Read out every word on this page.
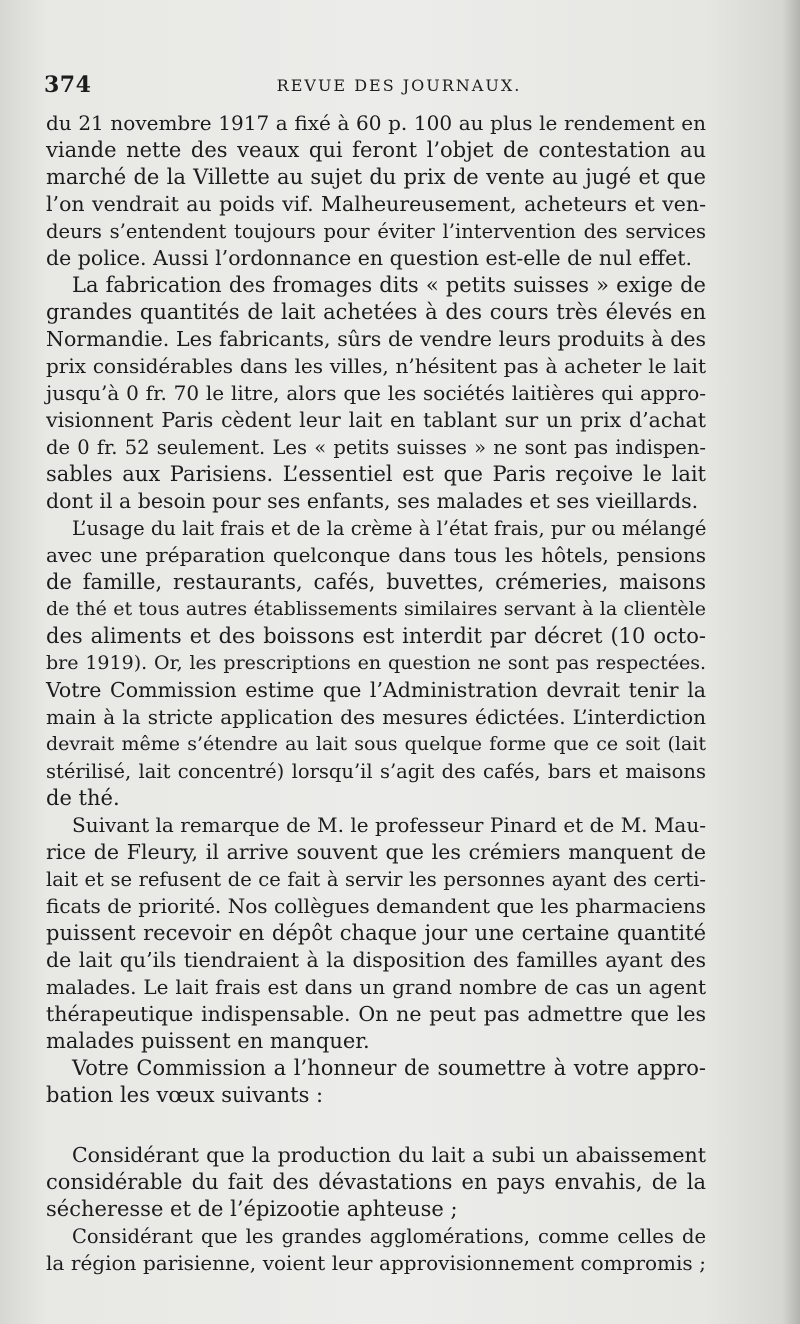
374	REVUE DES JOURNAUX.
du 21 novembre 1917 a fixé à 60 p. 100 au plus le rendement en
viande nette des veaux qui feront l’objet de contestation au
marché de la Villette au sujet du prix de vente au jugé et que
l’on vendrait au poids vif. Malheureusement, acheteurs et ven-
deurs s’entendent toujours pour éviter l’intervention des services
de police. Aussi l’ordonnance en question est-elle de nul effet.
La fabrication des fromages dits « petits suisses » exige de
grandes quantités de lait achetées à des cours très élevés en
Normandie. Les fabricants, sûrs de vendre leurs produits à des
prix considérables dans les villes, n’hésitent pas à acheter le lait
jusqu’à 0 fr. 70 le litre, alors que les sociétés laitières qui appro-
visionnent Paris cèdent leur lait en tablant sur un prix d’achat
de 0 fr. 52 seulement. Les « petits suisses » ne sont pas indispen-
sables aux Parisiens. L’essentiel est que Paris reçoive le lait
dont il a besoin pour ses enfants, ses malades et ses vieillards.
L’usage du lait frais et de la crème à l’état frais, pur ou mélangé
avec une préparation quelconque dans tous les hôtels, pensions
de famille, restaurants, cafés, buvettes, crémeries, maisons
de thé et tous autres établissements similaires servant à la clientèle
des aliments et des boissons est interdit par décret (10 octo-
bre 1919). Or, les prescriptions en question ne sont pas respectées.
Votre Commission estime que l’Administration devrait tenir la
main à la stricte application des mesures édictées. L’interdiction
devrait même s’étendre au lait sous quelque forme que ce soit (lait
stérilisé, lait concentré) lorsqu’il s’agit des cafés, bars et maisons
de thé.
Suivant la remarque de M. le professeur Pinard et de M. Mau-
rice de Fleury, il arrive souvent que les crémiers manquent de
lait et se refusent de ce fait à servir les personnes ayant des certi-
ficats de priorité. Nos collègues demandent que les pharmaciens
puissent recevoir en dépôt chaque jour une certaine quantité
de lait qu’ils tiendraient à la disposition des familles ayant des
malades. Le lait frais est dans un grand nombre de cas un agent
thérapeutique indispensable. On ne peut pas admettre que les
malades puissent en manquer.
Votre Commission a l’honneur de soumettre à votre appro-
bation les vœux suivants :
Considérant que la production du lait a subi un abaissement
considérable du fait des dévastations en pays envahis, de la
sécheresse et de l’épizootie aphteuse ;
Considérant que les grandes agglomérations, comme celles de
la région parisienne, voient leur approvisionnement compromis ;
